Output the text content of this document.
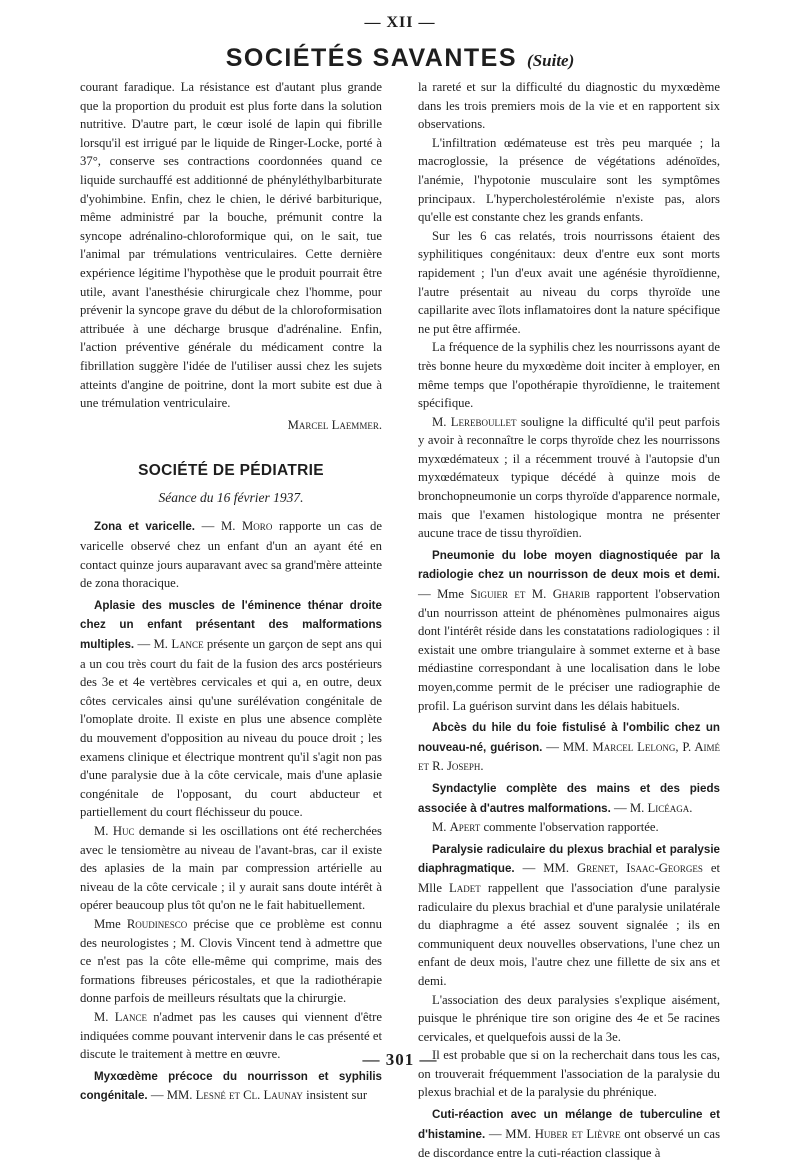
— XII —
SOCIÉTÉS SAVANTES (Suite)

courant faradique. La résistance est d'autant plus grande que la proportion du produit est plus forte dans la solution nutritive. D'autre part, le cœur isolé de lapin qui fibrille lorsqu'il est irrigué par le liquide de Ringer-Locke, porté à 37°, conserve ses contractions coordonnées quand ce liquide surchauffé est additionné de phényléthylbarbiturate d'yohimbine. Enfin, chez le chien, le dérivé barbiturique, même administré par la bouche, prémunit contre la syncope adrénalino-chloroformique qui, on le sait, tue l'animal par trémulations ventriculaires. Cette dernière expérience légitime l'hypothèse que le produit pourrait être utile, avant l'anesthésie chirurgicale chez l'homme, pour prévenir la syncope grave du début de la chloroformisation attribuée à une décharge brusque d'adrénaline. Enfin, l'action préventive générale du médicament contre la fibrillation suggère l'idée de l'utiliser aussi chez les sujets atteints d'angine de poitrine, dont la mort subite est due à une trémulation ventriculaire.

Marcel Laemmer.
SOCIÉTÉ DE PÉDIATRIE
Séance du 16 février 1937.

Zona et varicelle. — M. Moro rapporte un cas de varicelle observé chez un enfant d'un an ayant été en contact quinze jours auparavant avec sa grand'mère atteinte de zona thoracique.

Aplasie des muscles de l'éminence thénar droite chez un enfant présentant des malformations multiples. — M. Lance présente un garçon de sept ans qui a un cou très court du fait de la fusion des arcs postérieurs des 3e et 4e vertèbres cervicales et qui a, en outre, deux côtes cervicales ainsi qu'une surélévation congénitale de l'omoplate droite. Il existe en plus une absence complète du mouvement d'opposition au niveau du pouce droit ; les examens clinique et électrique montrent qu'il s'agit non pas d'une paralysie due à la côte cervicale, mais d'une aplasie congénitale de l'opposant, du court abducteur et partiellement du court fléchisseur du pouce.

M. Huc demande si les oscillations ont été recherchées avec le tensiomètre au niveau de l'avant-bras, car il existe des aplasies de la main par compression artérielle au niveau de la côte cervicale ; il y aurait sans doute intérêt à opérer beaucoup plus tôt qu'on ne le fait habituellement.

Mme Roudinesco précise que ce problème est connu des neurologistes ; M. Clovis Vincent tend à admettre que ce n'est pas la côte elle-même qui comprime, mais des formations fibreuses péricostales, et que la radiothérapie donne parfois de meilleurs résultats que la chirurgie.

M. Lance n'admet pas les causes qui viennent d'être indiquées comme pouvant intervenir dans le cas présenté et discute le traitement à mettre en œuvre.

Myxœdème précoce du nourrisson et syphilis congénitale. — MM. Lesné et Cl. Launay insistent sur

la rareté et sur la difficulté du diagnostic du myxœdème dans les trois premiers mois de la vie et en rapportent six observations.

L'infiltration œdémateuse est très peu marquée ; la macroglossie, la présence de végétations adénoïdes, l'anémie, l'hypotonie musculaire sont les symptômes principaux. L'hypercholestérolémie n'existe pas, alors qu'elle est constante chez les grands enfants.

Sur les 6 cas relatés, trois nourrissons étaient des syphilitiques congénitaux: deux d'entre eux sont morts rapidement ; l'un d'eux avait une agénésie thyroïdienne, l'autre présentait au niveau du corps thyroïde une capillarite avec îlots inflamatoires dont la nature spécifique ne put être affirmée.

La fréquence de la syphilis chez les nourrissons ayant de très bonne heure du myxœdème doit inciter à employer, en même temps que l'opothérapie thyroïdienne, le traitement spécifique.

M. Lereboullet souligne la difficulté qu'il peut parfois y avoir à reconnaître le corps thyroïde chez les nourrissons myxœdémateux ; il a récemment trouvé à l'autopsie d'un myxœdémateux typique décédé à quinze mois de bronchopneumonie un corps thyroïde d'apparence normale, mais que l'examen histologique montra ne présenter aucune trace de tissu thyroïdien.

Pneumonie du lobe moyen diagnostiquée par la radiologie chez un nourrisson de deux mois et demi. — Mme Siguier et M. Gharib rapportent l'observation d'un nourrisson atteint de phénomènes pulmonaires aigus dont l'intérêt réside dans les constatations radiologiques : il existait une ombre triangulaire à sommet externe et à base médiastine correspondant à une localisation dans le lobe moyen,comme permit de le préciser une radiographie de profil. La guérison survint dans les délais habituels.

Abcès du hile du foie fistulisé à l'ombilic chez un nouveau-né, guérison. — MM. Marcel Lelong, P. Aimé et R. Joseph.

Syndactylie complète des mains et des pieds associée à d'autres malformations. — M. Licéaga.

M. Apert commente l'observation rapportée.

Paralysie radiculaire du plexus brachial et paralysie diaphragmatique. — MM. Grenet, Isaac-Georges et Mlle Ladet rappellent que l'association d'une paralysie radiculaire du plexus brachial et d'une paralysie unilatérale du diaphragme a été assez souvent signalée ; ils en communiquent deux nouvelles observations, l'une chez un enfant de deux mois, l'autre chez une fillette de six ans et demi.

L'association des deux paralysies s'explique aisément, puisque le phrénique tire son origine des 4e et 5e racines cervicales, et quelquefois aussi de la 3e.

Il est probable que si on la recherchait dans tous les cas, on trouverait fréquemment l'association de la paralysie du plexus brachial et de la paralysie du phrénique.

Cuti-réaction avec un mélange de tuberculine et d'histamine. — MM. Huber et Lièvre ont observé un cas de discordance entre la cuti-réaction classique à

— 301 —
